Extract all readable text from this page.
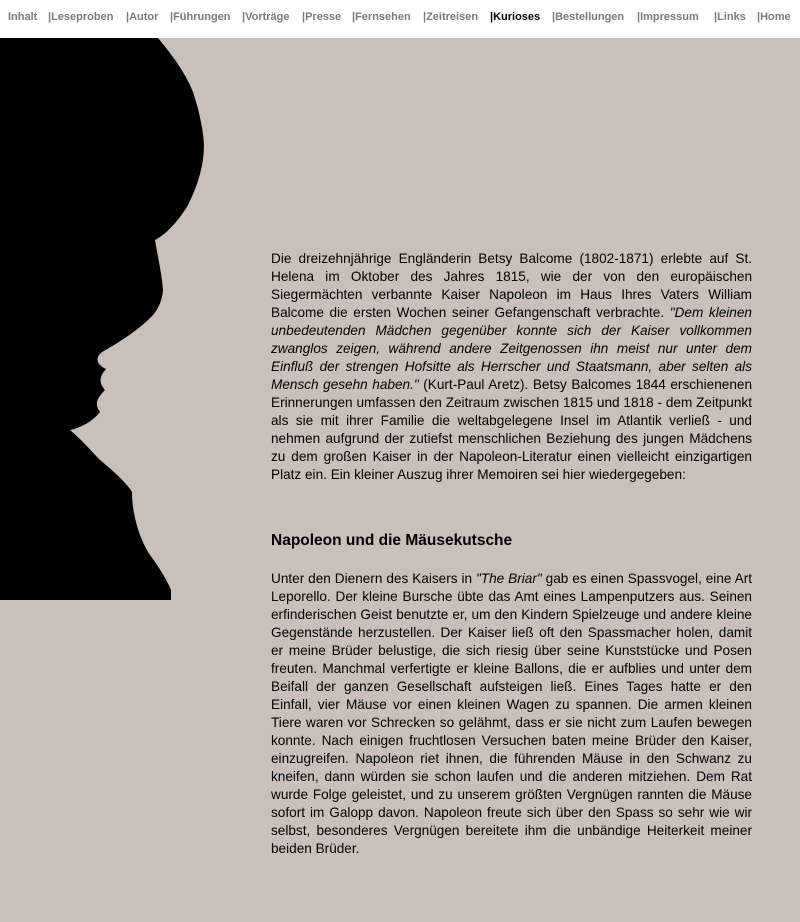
Inhalt |Leseproben |Autor |Führungen |Vorträge |Presse |Fernsehen |Zeitreisen |Kurioses |Bestellungen |Impressum |Links |Home

Die dreizehnjährige Engländerin Betsy Balcome (1802-1871) erlebte auf St. Helena im Oktober des Jahres 1815, wie der von den europäischen Siegermächten verbannte Kaiser Napoleon im Haus Ihres Vaters William Balcome die ersten Wochen seiner Gefangenschaft verbrachte. "Dem kleinen unbedeutenden Mädchen gegenüber konnte sich der Kaiser vollkommen zwanglos zeigen, während andere Zeitgenossen ihn meist nur unter dem Einfluß der strengen Hofsitte als Herrscher und Staatsmann, aber selten als Mensch gesehn haben." (Kurt-Paul Aretz). Betsy Balcomes 1844 erschienenen Erinnerungen umfassen den Zeitraum zwischen 1815 und 1818 - dem Zeitpunkt als sie mit ihrer Familie die weltabgelegene Insel im Atlantik verließ - und nehmen aufgrund der zutiefst menschlichen Beziehung des jungen Mädchens zu dem großen Kaiser in der Napoleon-Literatur einen vielleicht einzigartigen Platz ein. Ein kleiner Auszug ihrer Memoiren sei hier wiedergegeben:

Napoleon und die Mäusekutsche

Unter den Dienern des Kaisers in "The Briar" gab es einen Spassvogel, eine Art Leporello. Der kleine Bursche übte das Amt eines Lampenputzers aus. Seinen erfinderischen Geist benutzte er, um den Kindern Spielzeuge und andere kleine Gegenstände herzustellen. Der Kaiser ließ oft den Spassmacher holen, damit er meine Brüder belustige, die sich riesig über seine Kunststücke und Posen freuten. Manchmal verfertigte er kleine Ballons, die er aufblies und unter dem Beifall der ganzen Gesellschaft aufsteigen ließ. Eines Tages hatte er den Einfall, vier Mäuse vor einen kleinen Wagen zu spannen. Die armen kleinen Tiere waren vor Schrecken so gelähmt, dass er sie nicht zum Laufen bewegen konnte. Nach einigen fruchtlosen Versuchen baten meine Brüder den Kaiser, einzugreifen. Napoleon riet ihnen, die führenden Mäuse in den Schwanz zu kneifen, dann würden sie schon laufen und die anderen mitziehen. Dem Rat wurde Folge geleistet, und zu unserem größten Vergnügen rannten die Mäuse sofort im Galopp davon. Napoleon freute sich über den Spass so sehr wie wir selbst, besonderes Vergnügen bereitete ihm die unbändige Heiterkeit meiner beiden Brüder.
